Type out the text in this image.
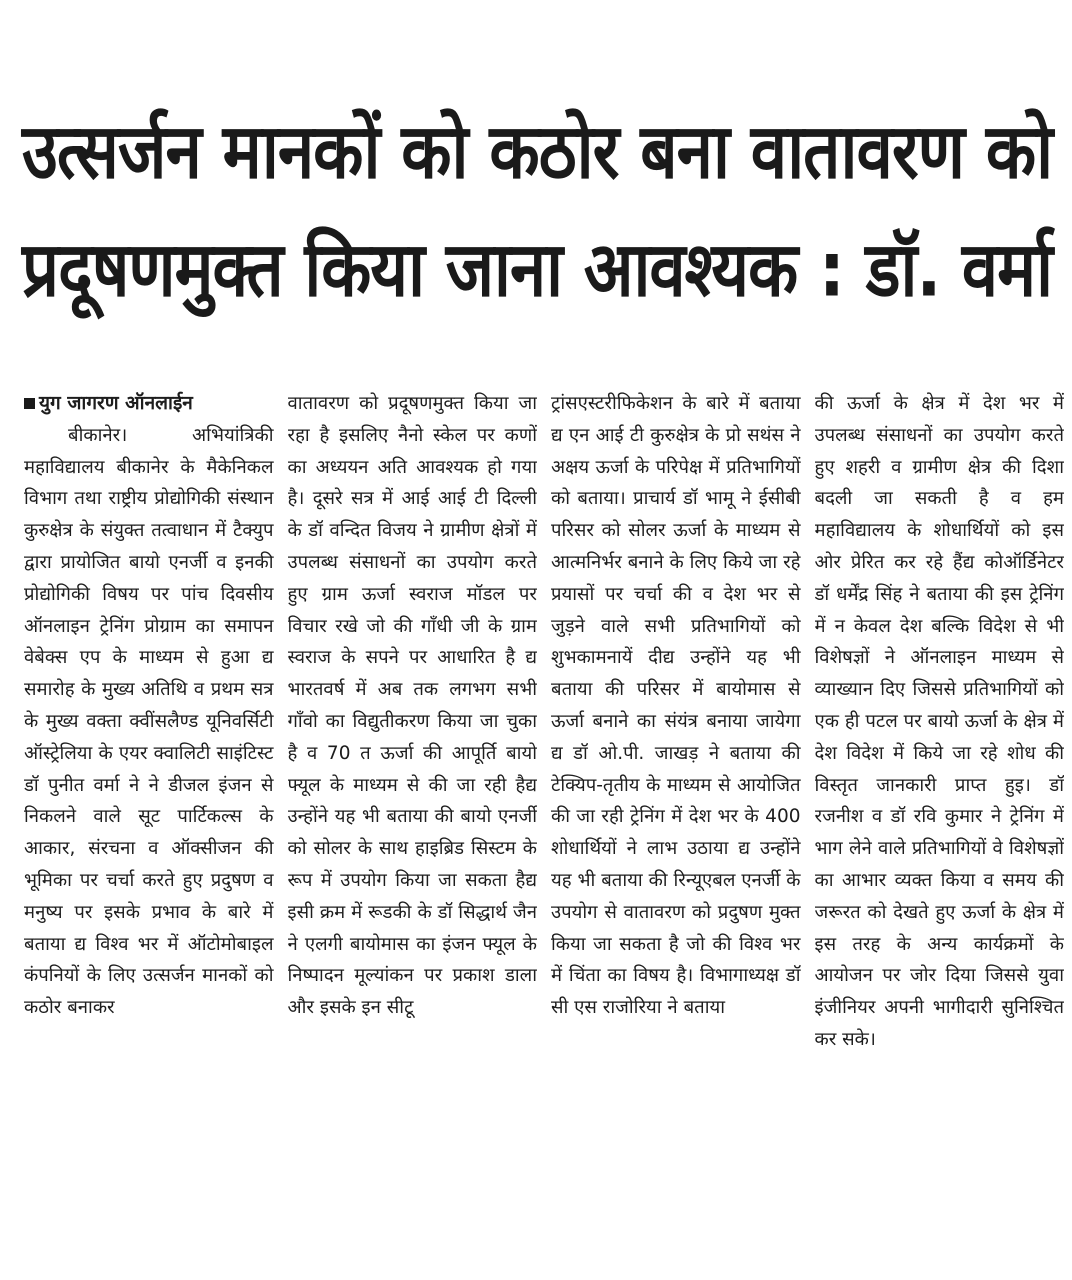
उत्सर्जन मानकों को कठोर बना वातावरण को
प्रदूषणमुक्त किया जाना आवश्यक : डॉ. वर्मा
युग जागरण ऑनलाईन
बीकानेर।	अभियांत्रिकी महाविद्यालय बीकानेर के मैकेनिकल विभाग तथा राष्ट्रीय प्रोद्योगिकी संस्थान कुरुक्षेत्र के संयुक्त तत्वाधान में टैक्युप द्वारा प्रायोजित बायो एनर्जी व इनकी प्रोद्योगिकी विषय पर पांच दिवसीय ऑनलाइन ट्रेनिंग प्रोग्राम का समापन वेबेक्स एप के माध्यम से हुआ द्य समारोह के मुख्य अतिथि व प्रथम सत्र के मुख्य वक्ता क्वींसलैण्ड यूनिवर्सिटी ऑस्ट्रेलिया के एयर क्वालिटी साइंटिस्ट डॉ पुनीत वर्मा ने ने डीजल इंजन से निकलने वाले सूट पार्टिकल्स के आकार, संरचना व ऑक्सीजन की भूमिका पर चर्चा करते हुए प्रदुषण व मनुष्य पर इसके प्रभाव के बारे में बताया द्य विश्व भर में ऑटोमोबाइल कंपनियों के लिए उत्सर्जन मानकों को कठोर बनाकर
वातावरण को प्रदूषणमुक्त किया जा रहा है इसलिए नैनो स्केल पर कणों का अध्ययन अति आवश्यक हो गया है। दूसरे सत्र में आई आई टी दिल्ली के डॉ वन्दित विजय ने ग्रामीण क्षेत्रों में उपलब्ध संसाधनों का उपयोग करते हुए ग्राम ऊर्जा स्वराज मॉडल पर विचार रखे जो की गाँधी जी के ग्राम स्वराज के सपने पर आधारित है द्य भारतवर्ष में अब तक लगभग सभी गाँवो का विद्युतीकरण किया जा चुका है व 70 त ऊर्जा की आपूर्ति बायो फ्यूल के माध्यम से की जा रही हैद्य उन्होंने यह भी बताया की बायो एनर्जी को सोलर के साथ हाइब्रिड सिस्टम के रूप में उपयोग किया जा सकता हैद्य इसी क्रम में रूडकी के डॉ सिद्धार्थ जैन ने एलगी बायोमास का इंजन फ्यूल के निष्पादन मूल्यांकन पर प्रकाश डाला और इसके इन सीटू
ट्रांसएस्टरीफिकेशन के बारे में बताया द्य एन आई टी कुरुक्षेत्र के प्रो सथंस ने अक्षय ऊर्जा के परिपेक्ष में प्रतिभागियों को बताया। प्राचार्य डॉ भामू ने ईसीबी परिसर को सोलर ऊर्जा के माध्यम से आत्मनिर्भर बनाने के लिए किये जा रहे प्रयासों पर चर्चा की व देश भर से जुड़ने वाले सभी प्रतिभागियों को शुभकामनायें दीद्य उन्होंने यह भी बताया की परिसर में बायोमास से ऊर्जा बनाने का संयंत्र बनाया जायेगा द्य डॉ ओ.पी. जाखड़ ने बताया की टेक्यिप-तृतीय के माध्यम से आयोजित की जा रही ट्रेनिंग में देश भर के 400 शोधार्थियों ने लाभ उठाया द्य उन्होंने यह भी बताया की रिन्यूएबल एनर्जी के उपयोग से वातावरण को प्रदुषण मुक्त किया जा सकता है जो की विश्व भर में चिंता का विषय है। विभागाध्यक्ष डॉ सी एस राजोरिया ने बताया
की ऊर्जा के क्षेत्र में देश भर में उपलब्ध संसाधनों का उपयोग करते हुए शहरी व ग्रामीण क्षेत्र की दिशा बदली जा सकती है व हम महाविद्यालय के शोधार्थियों को इस ओर प्रेरित कर रहे हैंद्य कोऑर्डिनेटर डॉ धर्मेंद्र सिंह ने बताया की इस ट्रेनिंग में न केवल देश बल्कि विदेश से भी विशेषज्ञों ने ऑनलाइन माध्यम से व्याख्यान दिए जिससे प्रतिभागियों को एक ही पटल पर बायो ऊर्जा के क्षेत्र में देश विदेश में किये जा रहे शोध की विस्तृत जानकारी प्राप्त हुइ। डॉ रजनीश व डॉ रवि कुमार ने ट्रेनिंग में भाग लेने वाले प्रतिभागियों वे विशेषज्ञों का आभार व्यक्त किया व समय की जरूरत को देखते हुए ऊर्जा के क्षेत्र में इस तरह के अन्य कार्यक्रमों के आयोजन पर जोर दिया जिससे युवा इंजीनियर अपनी भागीदारी सुनिश्चित कर सके।
